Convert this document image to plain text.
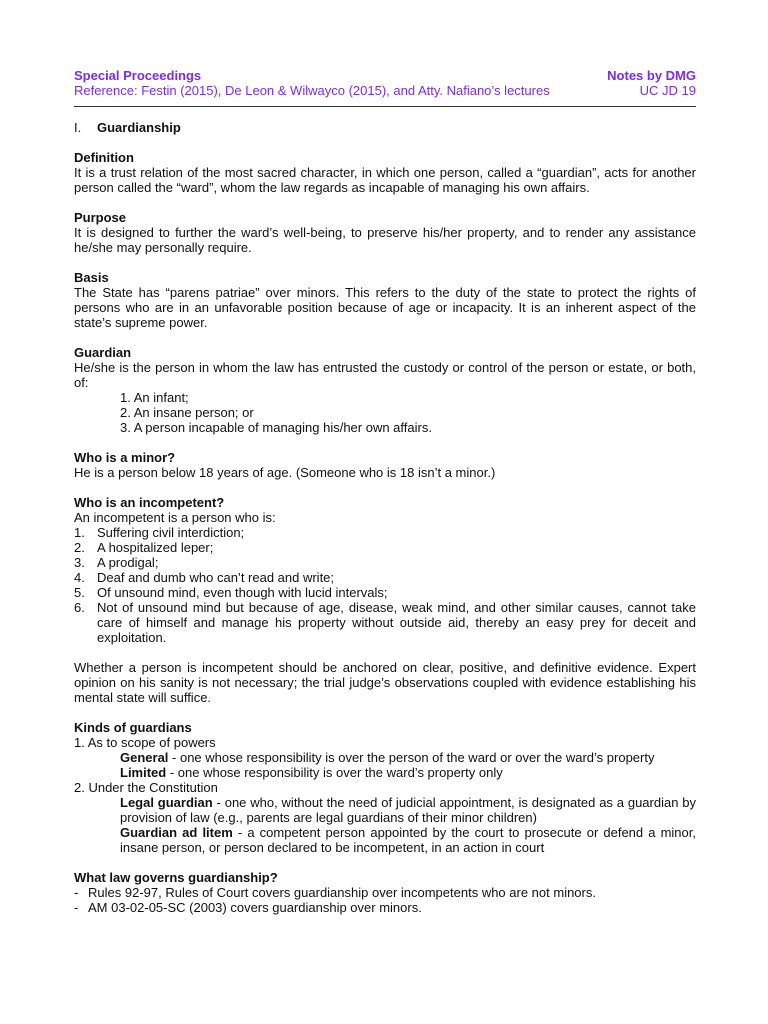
Special Proceedings	Notes by DMG
Reference: Festin (2015), De Leon & Wilwayco (2015), and Atty. Nafiano’s lectures	UC JD 19
I.	Guardianship
Definition

It is a trust relation of the most sacred character, in which one person, called a “guardian”, acts for another person called the “ward”, whom the law regards as incapable of managing his own affairs.

Purpose

It is designed to further the ward’s well-being, to preserve his/her property, and to render any assistance he/she may personally require.

Basis

The State has “parens patriae” over minors. This refers to the duty of the state to protect the rights of persons who are in an unfavorable position because of age or incapacity. It is an inherent aspect of the state’s supreme power.

Guardian

He/she is the person in whom the law has entrusted the custody or control of the person or estate, or both, of:

1. An infant;
2. An insane person; or
3. A person incapable of managing his/her own affairs.
Who is a minor?

He is a person below 18 years of age. (Someone who is 18 isn’t a minor.)

Who is an incompetent?

An incompetent is a person who is:

1. Suffering civil interdiction;
2. A hospitalized leper;
3. A prodigal;
4. Deaf and dumb who can’t read and write;
5. Of unsound mind, even though with lucid intervals;
6. Not of unsound mind but because of age, disease, weak mind, and other similar causes, cannot take care of himself and manage his property without outside aid, thereby an easy prey for deceit and exploitation.

Whether a person is incompetent should be anchored on clear, positive, and definitive evidence. Expert opinion on his sanity is not necessary; the trial judge’s observations coupled with evidence establishing his mental state will suffice.

Kinds of guardians
1. As to scope of powers
General - one whose responsibility is over the person of the ward or over the ward’s property
Limited - one whose responsibility is over the ward’s property only
2. Under the Constitution
Legal guardian - one who, without the need of judicial appointment, is designated as a guardian by provision of law (e.g., parents are legal guardians of their minor children)
Guardian ad litem - a competent person appointed by the court to prosecute or defend a minor, insane person, or person declared to be incompetent, in an action in court
What law governs guardianship?
- Rules 92-97, Rules of Court covers guardianship over incompetents who are not minors.
- AM 03-02-05-SC (2003) covers guardianship over minors.
